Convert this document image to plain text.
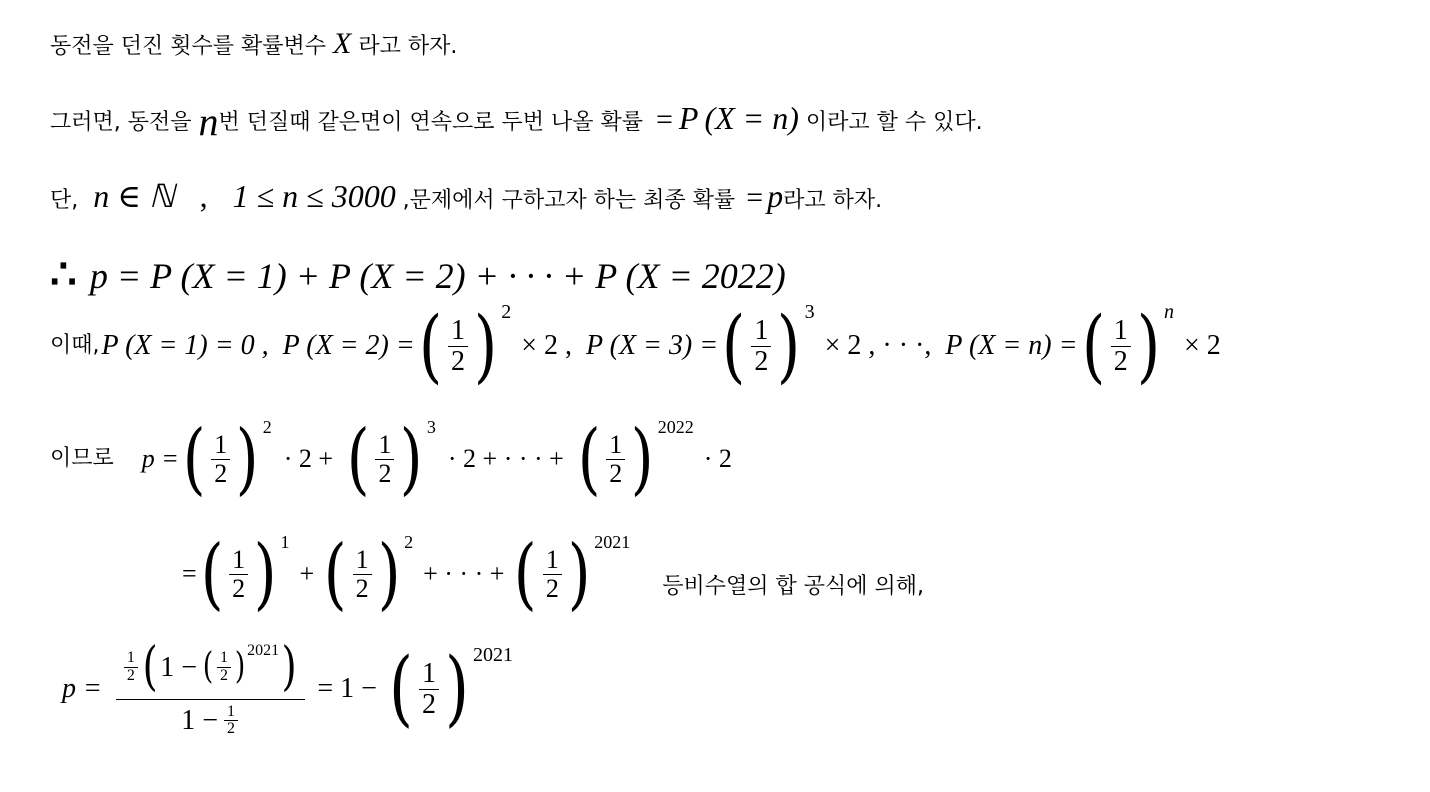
동전을 던진 횟수를 확률변수 X 라고 하자.
그러면, 동전을 n번 던질때 같은면이 연속으로 두번 나올 확률 = P (X = n) 이라고 할 수 있다.
단, n ∈ ℕ , 1 ≤ n ≤ 3000 ,문제에서 구하고자 하는 최종 확률 = p라고 하자.
∴ p = P (X = 1) + P (X = 2) + · · · + P (X = 2022)
이때, P (X = 1) = 0 , P (X = 2) = ( $\frac{1}{2} )^2$
× 2 , P (X = 3) = ( $\frac{1}{2} )^3$
× 2 , · · ·, P (X = n) = ( $\frac{1}{2} )^n$
× 2
이므로 p = ( $\frac{1}{2} )^2$
· 2 + ( $\frac{1}{2} )^3$
· 2 + · · · + ( $\frac{1}{2} )^{2022}$
· 2
= ( $\frac{1}{2} )^1$
+ ( $\frac{1}{2} )^2$
+ · · · + ( $\frac{1}{2} )^{2021}$
등비수열의 합 공식에 의해,
p =
$\frac{1}{2}$ ( 1 − ( $\frac{1}{2} )^{2021}$ )
$1 - \frac{1}{2}$
= 1 − ( $\frac{1}{2} )^{2021}$
